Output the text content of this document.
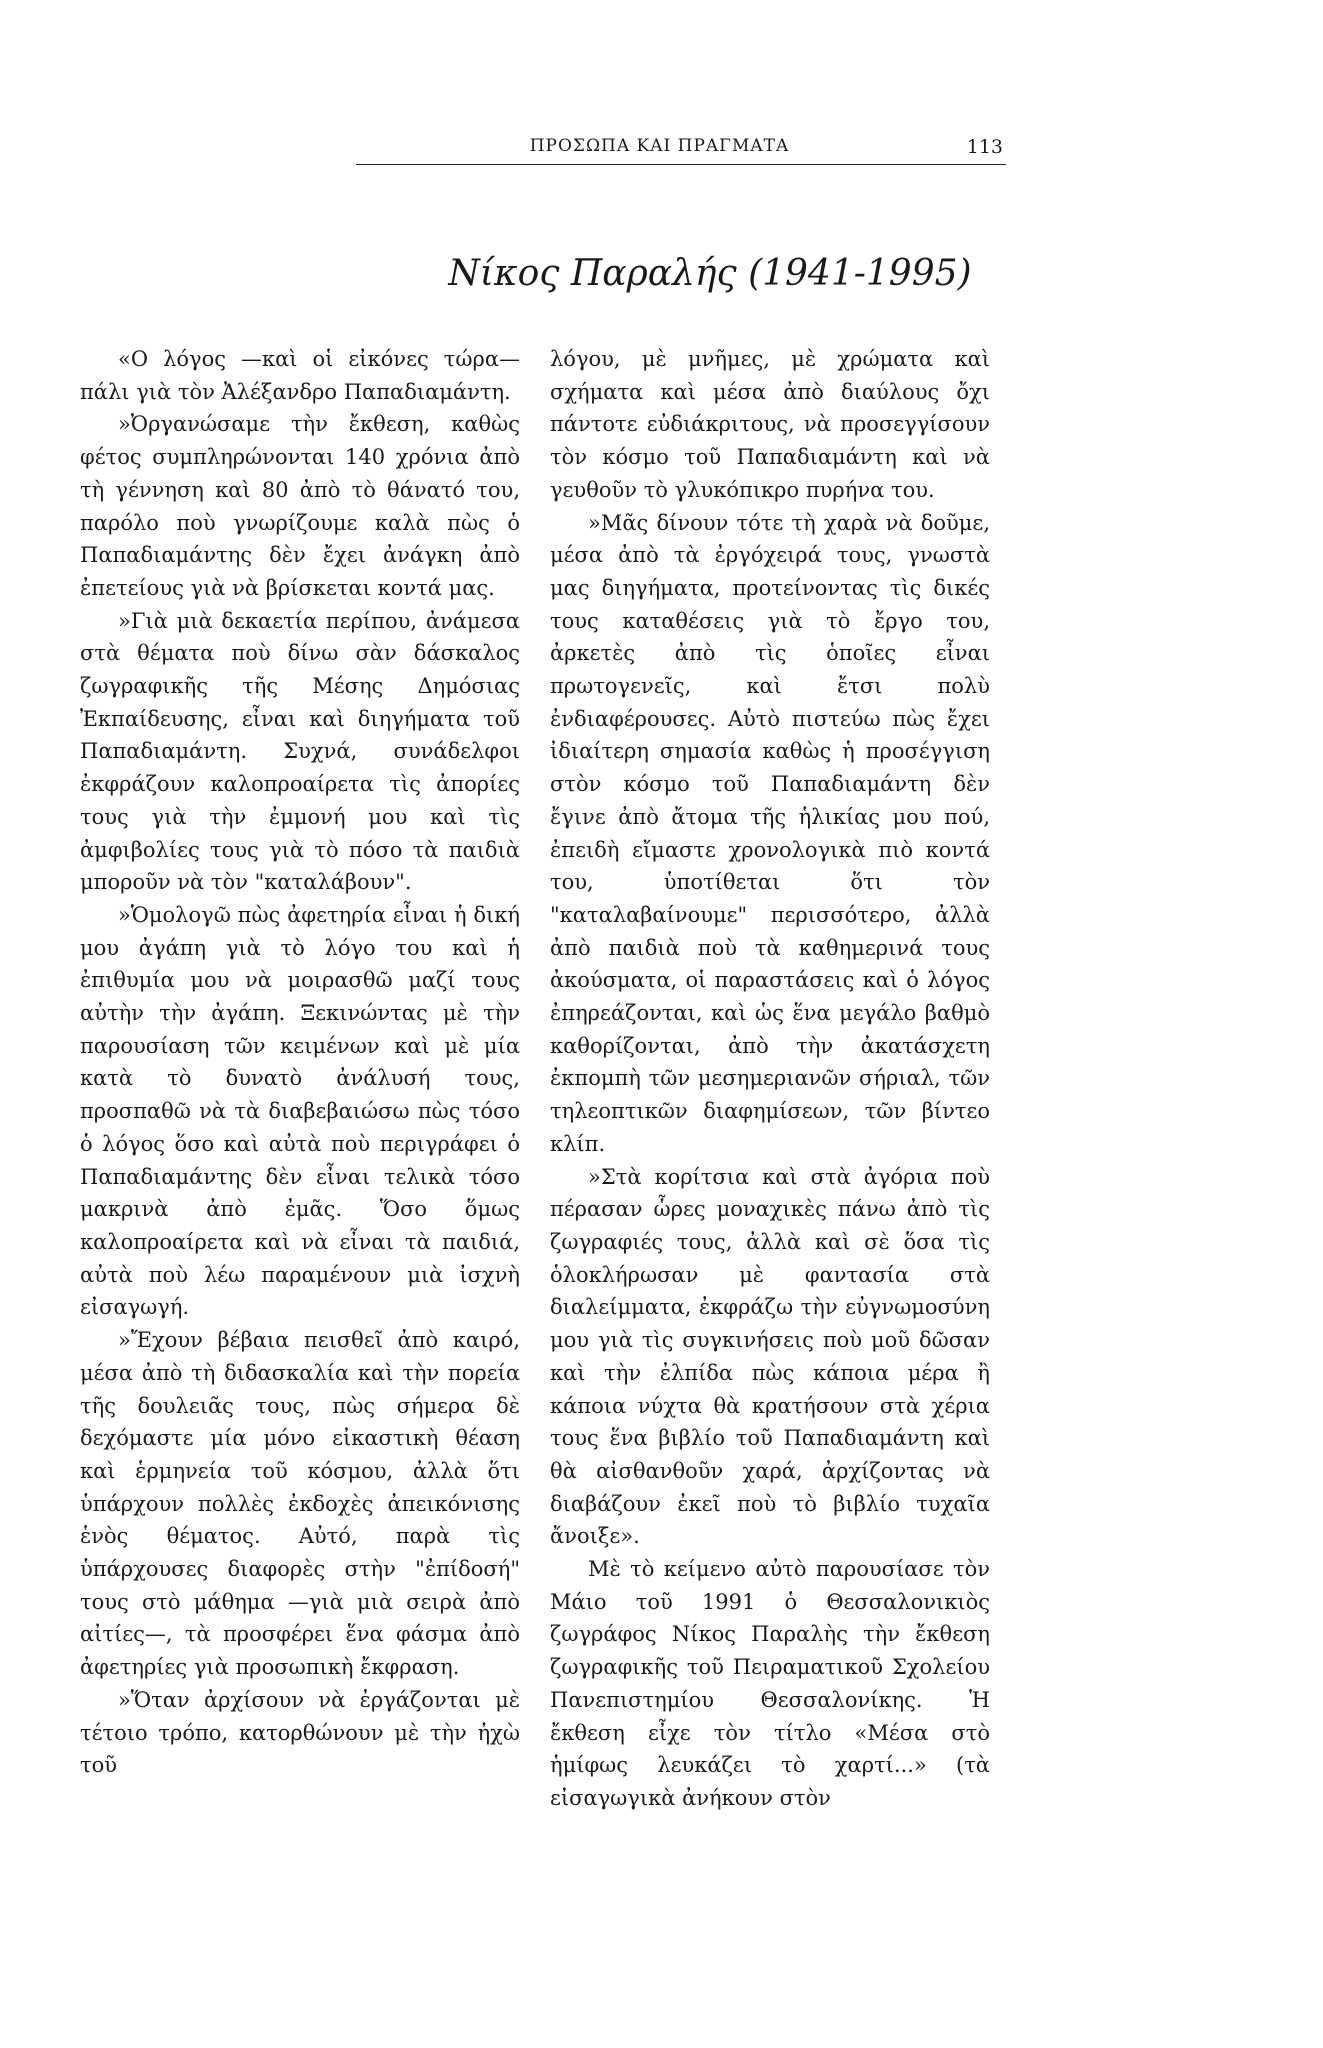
ΠΡΟΣΩΠΑ ΚΑΙ ΠΡΑΓΜΑΤΑ	113
Νίκος Παραλής (1941-1995)

«Ο λόγος —καὶ οἱ εἰκόνες τώρα— πάλι γιὰ τὸν Ἀλέξανδρο Παπαδιαμάντη.

»Ὀργανώσαμε τὴν ἔκθεση, καθὼς φέτος συμπληρώνονται 140 χρόνια ἀπὸ τὴ γέννηση καὶ 80 ἀπὸ τὸ θάνατό του, παρόλο ποὺ γνωρίζουμε καλὰ πὼς ὁ Παπαδιαμάντης δὲν ἔχει ἀνάγκη ἀπὸ ἐπετείους γιὰ νὰ βρίσκεται κοντά μας.

»Γιὰ μιὰ δεκαετία περίπου, ἀνάμεσα στὰ θέματα ποὺ δίνω σὰν δάσκαλος ζωγραφικῆς τῆς Μέσης Δημόσιας Ἐκπαίδευσης, εἶναι καὶ διηγήματα τοῦ Παπαδιαμάντη. Συχνά, συνάδελφοι ἐκφράζουν καλοπροαίρετα τὶς ἀπορίες τους γιὰ τὴν ἐμμονή μου καὶ τὶς ἀμφιβολίες τους γιὰ τὸ πόσο τὰ παιδιὰ μποροῦν νὰ τὸν "καταλάβουν".

»Ὁμολογῶ πὼς ἀφετηρία εἶναι ἡ δική μου ἀγάπη γιὰ τὸ λόγο του καὶ ἡ ἐπιθυμία μου νὰ μοιρασθῶ μαζί τους αὐτὴν τὴν ἀγάπη. Ξεκινώντας μὲ τὴν παρουσίαση τῶν κειμένων καὶ μὲ μία κατὰ τὸ δυνατὸ ἀνάλυσή τους, προσπαθῶ νὰ τὰ διαβεβαιώσω πὼς τόσο ὁ λόγος ὅσο καὶ αὐτὰ ποὺ περιγράφει ὁ Παπαδιαμάντης δὲν εἶναι τελικὰ τόσο μακρινὰ ἀπὸ ἐμᾶς. Ὅσο ὅμως καλοπροαίρετα καὶ νὰ εἶναι τὰ παιδιά, αὐτὰ ποὺ λέω παραμένουν μιὰ ἰσχνὴ εἰσαγωγή.

»Ἔχουν βέβαια πεισθεῖ ἀπὸ καιρό, μέσα ἀπὸ τὴ διδασκαλία καὶ τὴν πορεία τῆς δουλειᾶς τους, πὼς σήμερα δὲ δεχόμαστε μία μόνο εἰκαστικὴ θέαση καὶ ἑρμηνεία τοῦ κόσμου, ἀλλὰ ὅτι ὑπάρχουν πολλὲς ἐκδοχὲς ἀπεικόνισης ἑνὸς θέματος. Αὐτό, παρὰ τὶς ὑπάρχουσες διαφορὲς στὴν "ἐπίδοσή" τους στὸ μάθημα —γιὰ μιὰ σειρὰ ἀπὸ αἰτίες—, τὰ προσφέρει ἕνα φάσμα ἀπὸ ἀφετηρίες γιὰ προσωπικὴ ἔκφραση.

»Ὅταν ἀρχίσουν νὰ ἐργάζονται μὲ τέτοιο τρόπο, κατορθώνουν μὲ τὴν ἠχὼ τοῦ

λόγου, μὲ μνῆμες, μὲ χρώματα καὶ σχήματα καὶ μέσα ἀπὸ διαύλους ὄχι πάντοτε εὐδιάκριτους, νὰ προσεγγίσουν τὸν κόσμο τοῦ Παπαδιαμάντη καὶ νὰ γευθοῦν τὸ γλυκόπικρο πυρήνα του.

»Μᾶς δίνουν τότε τὴ χαρὰ νὰ δοῦμε, μέσα ἀπὸ τὰ ἐργόχειρά τους, γνωστὰ μας διηγήματα, προτείνοντας τὶς δικές τους καταθέσεις γιὰ τὸ ἔργο του, ἀρκετὲς ἀπὸ τὶς ὁποῖες εἶναι πρωτογενεῖς, καὶ ἔτσι πολὺ ἐνδιαφέρουσες. Αὐτὸ πιστεύω πὼς ἔχει ἰδιαίτερη σημασία καθὼς ἡ προσέγγιση στὸν κόσμο τοῦ Παπαδιαμάντη δὲν ἔγινε ἀπὸ ἄτομα τῆς ἡλικίας μου πού, ἐπειδὴ εἴμαστε χρονολογικὰ πιὸ κοντά του, ὑποτίθεται ὅτι τὸν "καταλαβαίνουμε" περισσότερο, ἀλλὰ ἀπὸ παιδιὰ ποὺ τὰ καθημερινά τους ἀκούσματα, οἱ παραστάσεις καὶ ὁ λόγος ἐπηρεάζονται, καὶ ὡς ἕνα μεγάλο βαθμὸ καθορίζονται, ἀπὸ τὴν ἀκατάσχετη ἐκπομπὴ τῶν μεσημεριανῶν σήριαλ, τῶν τηλεοπτικῶν διαφημίσεων, τῶν βίντεο κλίπ.

»Στὰ κορίτσια καὶ στὰ ἀγόρια ποὺ πέρασαν ὧρες μοναχικὲς πάνω ἀπὸ τὶς ζωγραφιές τους, ἀλλὰ καὶ σὲ ὅσα τὶς ὁλοκλήρωσαν μὲ φαντασία στὰ διαλείμματα, ἐκφράζω τὴν εὐγνωμοσύνη μου γιὰ τὶς συγκινήσεις ποὺ μοῦ δῶσαν καὶ τὴν ἐλπίδα πὼς κάποια μέρα ἢ κάποια νύχτα θὰ κρατήσουν στὰ χέρια τους ἕνα βιβλίο τοῦ Παπαδιαμάντη καὶ θὰ αἰσθανθοῦν χαρά, ἀρχίζοντας νὰ διαβάζουν ἐκεῖ ποὺ τὸ βιβλίο τυχαῖα ἄνοιξε».

Μὲ τὸ κείμενο αὐτὸ παρουσίασε τὸν Μάιο τοῦ 1991 ὁ Θεσσαλονικιὸς ζωγράφος Νίκος Παραλὴς τὴν ἔκθεση ζωγραφικῆς τοῦ Πειραματικοῦ Σχολείου Πανεπιστημίου Θεσσαλονίκης. Ἡ ἔκθεση εἶχε τὸν τίτλο «Μέσα στὸ ἡμίφως λευκάζει τὸ χαρτί...» (τὰ εἰσαγωγικὰ ἀνήκουν στὸν
